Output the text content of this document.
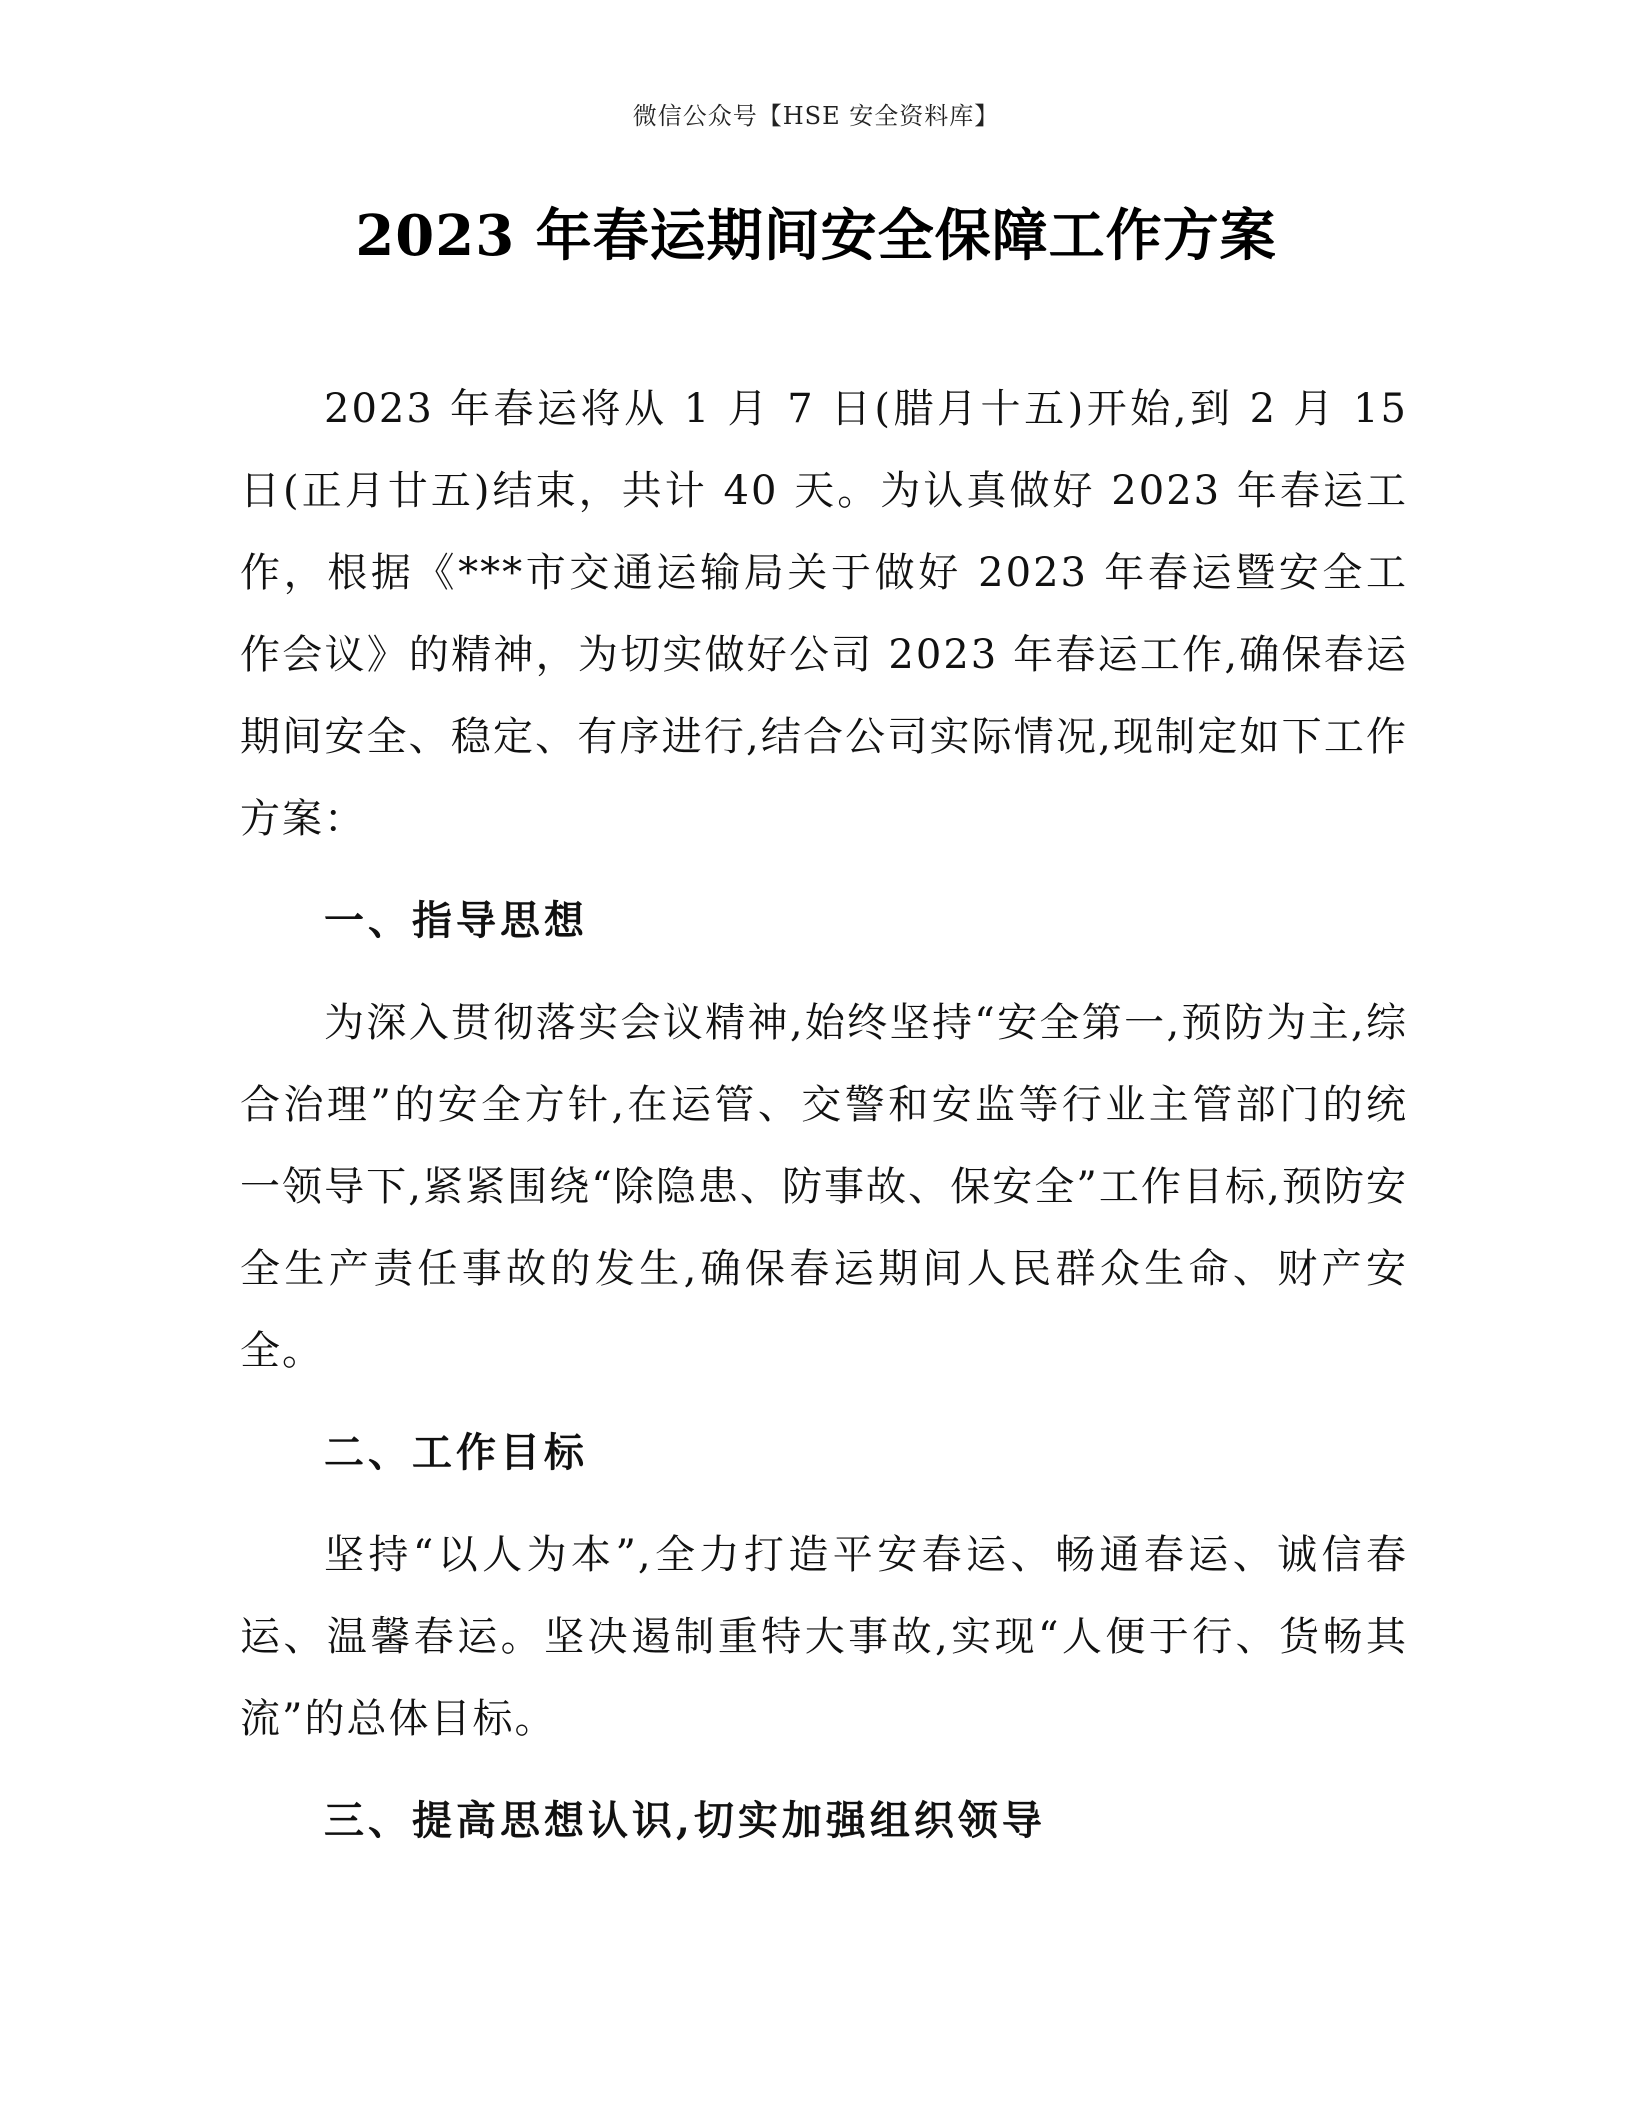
微信公众号【HSE 安全资料库】
2023 年春运期间安全保障工作方案

2023 年春运将从 1 月 7 日(腊月十五)开始,到 2 月 15 日(正月廿五)结束，共计 40 天。为认真做好 2023 年春运工作，根据《***市交通运输局关于做好 2023 年春运暨安全工作会议》的精神，为切实做好公司 2023 年春运工作,确保春运期间安全、稳定、有序进行,结合公司实际情况,现制定如下工作方案：

一、指导思想

为深入贯彻落实会议精神,始终坚持“安全第一,预防为主,综合治理”的安全方针,在运管、交警和安监等行业主管部门的统一领导下,紧紧围绕“除隐患、防事故、保安全”工作目标,预防安全生产责任事故的发生,确保春运期间人民群众生命、财产安全。

二、工作目标

坚持“以人为本”,全力打造平安春运、畅通春运、诚信春运、温馨春运。坚决遏制重特大事故,实现“人便于行、货畅其流”的总体目标。

三、提高思想认识,切实加强组织领导
